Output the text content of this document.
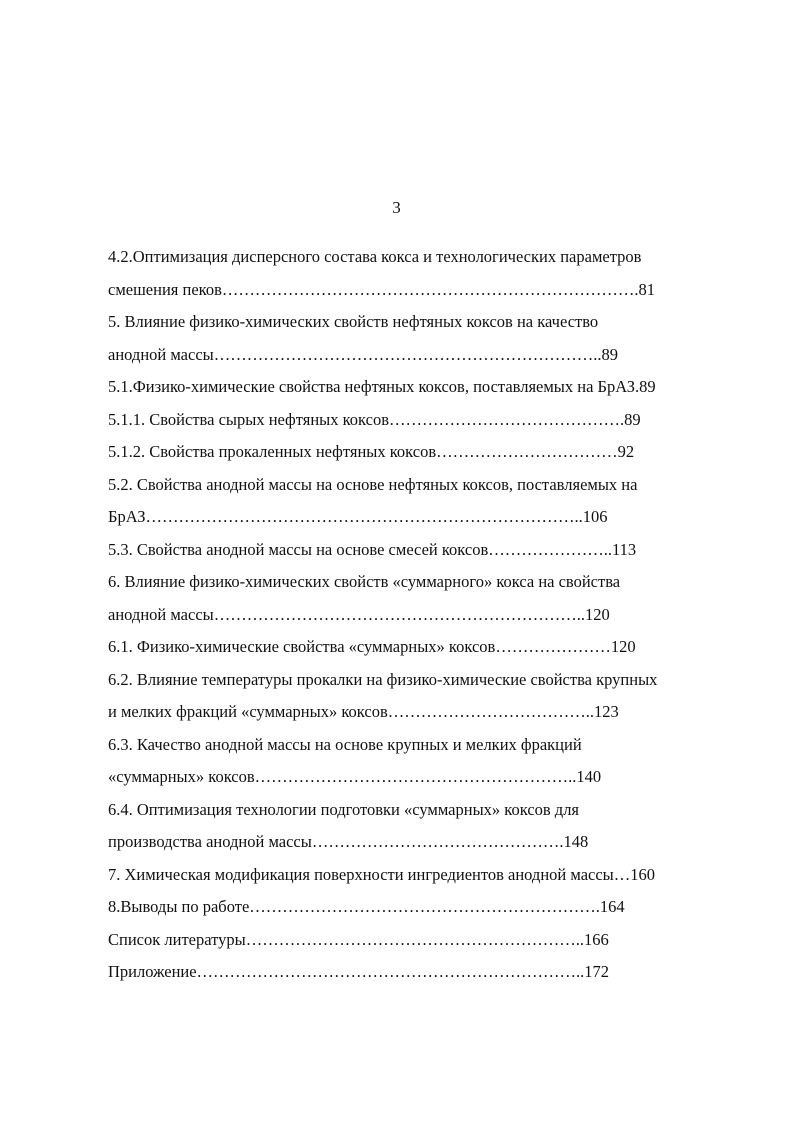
3
4.2.Оптимизация дисперсного состава кокса и технологических параметров
смешения пеков………………………………………………………………….81
5. Влияние физико-химических свойств нефтяных коксов на качество
анодной массы……………………………………………………………..89
5.1.Физико-химические свойства нефтяных коксов, поставляемых на БрАЗ.89
5.1.1. Свойства сырых нефтяных коксов…………………………………….89
5.1.2. Свойства прокаленных нефтяных коксов……………………………92
5.2. Свойства анодной массы на основе нефтяных коксов, поставляемых на
БрАЗ……………………………………………………………………..106
5.3. Свойства анодной массы на основе смесей коксов…………………..113
6. Влияние физико-химических свойств «суммарного» кокса на свойства
анодной массы…………………………………………………………..120
6.1. Физико-химические свойства «суммарных» коксов…………………120
6.2. Влияние температуры прокалки на физико-химические свойства крупных
и мелких фракций «суммарных» коксов………………………………..123
6.3. Качество анодной массы на основе крупных и мелких фракций
«суммарных» коксов…………………………………………………..140
6.4. Оптимизация технологии подготовки «суммарных» коксов для
производства анодной массы……………………………………….148
7. Химическая модификация поверхности ингредиентов анодной массы…160
8.Выводы по работе……………………………………………………….164
Список литературы……………………………………………………..166
Приложение……………………………………………………………..172
